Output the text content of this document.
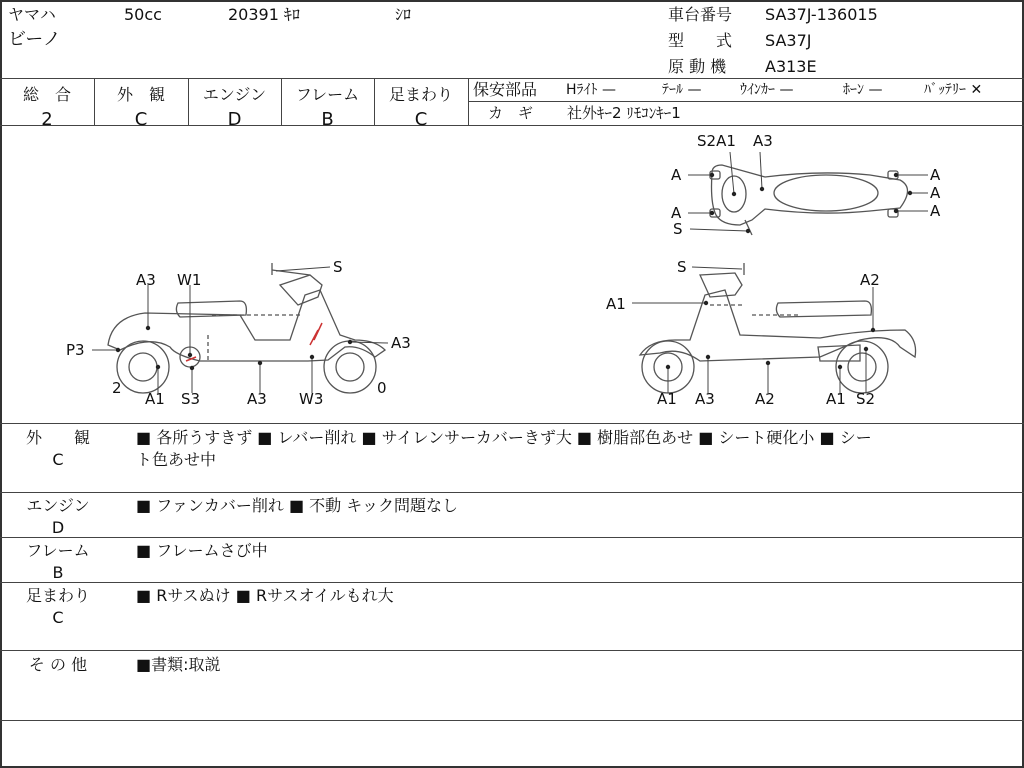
ヤマハ	50cc	20391 ｷﾛ	ｼﾛ
ビーノ
車台番号 SA37J-136015
型　　式 SA37J
原 動 機 A313E
総　合
2
外　観
C
エンジン
D
フレーム
B
足まわり
C
保安部品 Hﾗｲﾄ —	ﾃｰﾙ —	ｳｲﾝｶｰ —	ﾎｰﾝ —	ﾊﾞｯﾃﾘｰ ✕
カ　ギ 社外ｷｰ2 ﾘﾓｺﾝｷｰ1
S2A1 A3
A
A
S
A
A
A
S
A3 W1
P3	A3
2	0
A1 S3	A3 W3
S
A1
A2
A1 A3	A2	A1 S2
外　　観
C
■ 各所うすきず ■ レバー削れ ■ サイレンサーカバーきず大 ■ 樹脂部色あせ ■ シート硬化小 ■ シー
ト色あせ中
エンジン
D
■ ファンカバー削れ ■ 不動 キック問題なし
フレーム
B
■ フレームさび中
足まわり
C
■ Rサスぬけ ■ Rサスオイルもれ大
そ の 他	■書類:取説
